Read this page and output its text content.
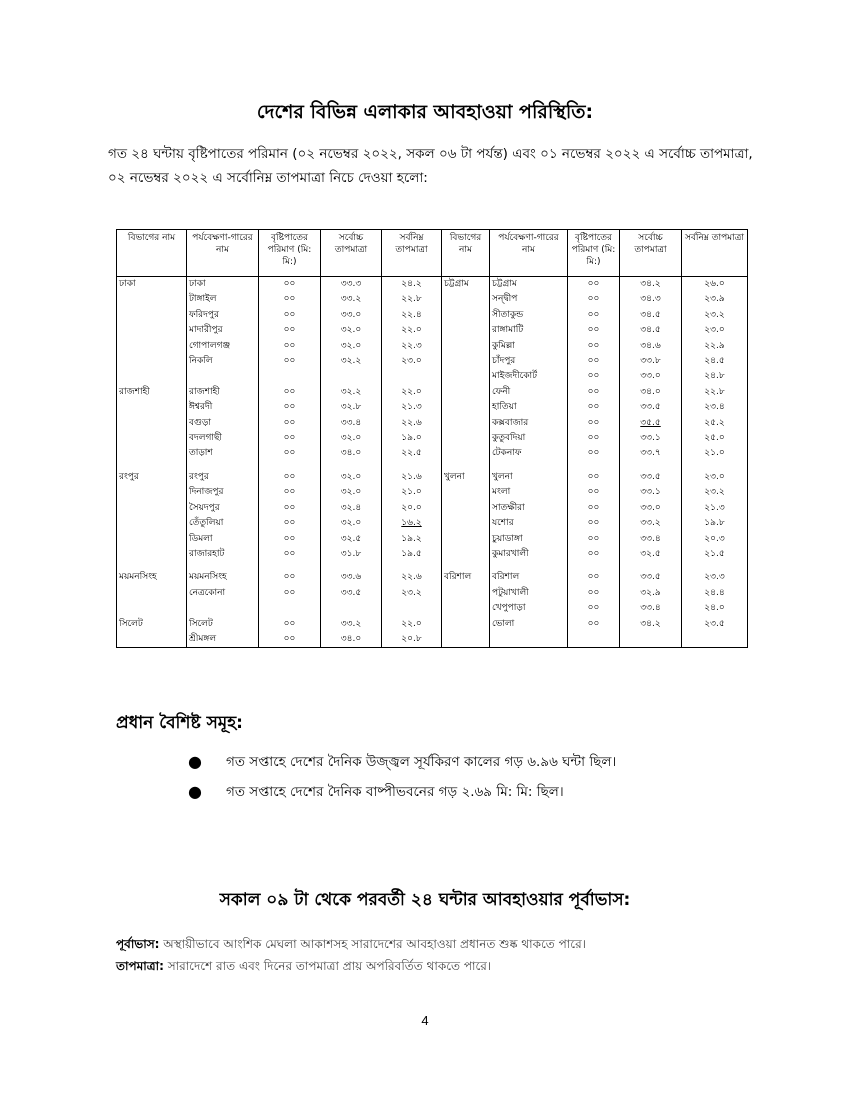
দেশের বিভিন্ন এলাকার আবহাওয়া পরিস্থিতি:
গত ২৪ ঘন্টায় বৃষ্টিপাতের পরিমান (০২ নভেম্বর ২০২২, সকল ০৬ টা পর্যন্ত) এবং ০১ নভেম্বর ২০২২ এ সর্বোচ্চ তাপমাত্রা, ০২ নভেম্বর ২০২২ এ সর্বোনিম্ন তাপমাত্রা নিচে দেওয়া হলো:
বিভাগের নাম	পর্যবেক্ষণা-গারের নাম	বৃষ্টিপাতের পরিমাণ (মি: মি:)	সর্বোচ্চ তাপমাত্রা	সর্বনিম্ন তাপমাত্রা	বিভাগের নাম	পর্যবেক্ষণা-গারের নাম	বৃষ্টিপাতের পরিমাণ (মি: মি:)	সর্বোচ্চ তাপমাত্রা	সর্বনিম্ন তাপমাত্রা
ঢাকা	ঢাকা	০০	৩৩.৩	২৪.২	চট্টগ্রাম	চট্টগ্রাম	০০	৩৪.২	২৬.০
	টাঙ্গাইল	০০	৩৩.২	২২.৮		সন্দ্বীপ	০০	৩৪.৩	২৩.৯
	ফরিদপুর	০০	৩৩.০	২২.৪		সীতাকুন্ড	০০	৩৪.৫	২৩.২
	মাদারীপুর	০০	৩২.০	২২.০		রাঙ্গামাটি	০০	৩৪.৫	২৩.০
	গোপালগঞ্জ	০০	৩২.০	২২.৩		কুমিল্লা	০০	৩৪.৬	২২.৯
	নিকলি	০০	৩২.২	২৩.০		চাঁদপুর	০০	৩৩.৮	২৪.৫
						মাইজদীকোর্ট	০০	৩৩.০	২৪.৮
রাজশাহী	রাজশাহী	০০	৩২.২	২২.০		ফেনী	০০	৩৪.০	২২.৮
	ঈশ্বরদী	০০	৩২.৮	২১.৩		হাতিয়া	০০	৩৩.৫	২৩.৪
	বগুড়া	০০	৩৩.৪	২২.৬		কক্সবাজার	০০	৩৫.৫	২৫.২
	বদলগাছী	০০	৩২.০	১৯.০		কুতুবদিয়া	০০	৩৩.১	২৫.০
	তাড়াশ	০০	৩৪.০	২২.৫		টেকনাফ	০০	৩৩.৭	২১.০

রংপুর	রংপুর	০০	৩২.০	২১.৬	খুলনা	খুলনা	০০	৩৩.৫	২৩.০
	দিনাজপুর	০০	৩২.০	২১.০		মংলা	০০	৩৩.১	২৩.২
	সৈয়দপুর	০০	৩২.৪	২০.০		সাতক্ষীরা	০০	৩৩.০	২১.৩
	তেঁতুলিয়া	০০	৩২.০	১৬.২		যশোর	০০	৩৩.২	১৯.৮
	ডিমলা	০০	৩২.৫	১৯.২		চুয়াডাঙ্গা	০০	৩৩.৪	২০.৩
	রাজারহাট	০০	৩১.৮	১৯.৫		কুমারখালী	০০	৩২.৫	২১.৫

ময়মনসিংহ	ময়মনসিংহ	০০	৩৩.৬	২২.৬	বরিশাল	বরিশাল	০০	৩৩.৫	২৩.৩
	নেত্রকোনা	০০	৩৩.৫	২৩.২		পটুয়াখালী	০০	৩২.৯	২৪.৪
						খেপুপাড়া	০০	৩৩.৪	২৪.০
সিলেট	সিলেট	০০	৩৩.২	২২.০		ভোলা	০০	৩৪.২	২৩.৫
	শ্রীমঙ্গল	০০	৩৪.০	২০.৮					
প্রধান বৈশিষ্ট সমূহ:
● গত সপ্তাহে দেশের দৈনিক উজ্জ্বল সূর্যকিরণ কালের গড় ৬.৯৬ ঘন্টা ছিল।
● গত সপ্তাহে দেশের দৈনিক বাষ্পীভবনের গড় ২.৬৯ মি: মি: ছিল।
সকাল ০৯ টা থেকে পরবর্তী ২৪ ঘন্টার আবহাওয়ার পূর্বাভাস:
পূর্বাভাস: অস্থায়ীভাবে আংশিক মেঘলা আকাশসহ সারাদেশের আবহাওয়া প্রধানত শুষ্ক থাকতে পারে।
তাপমাত্রা: সারাদেশে রাত এবং দিনের তাপমাত্রা প্রায় অপরিবর্তিত থাকতে পারে।
4
